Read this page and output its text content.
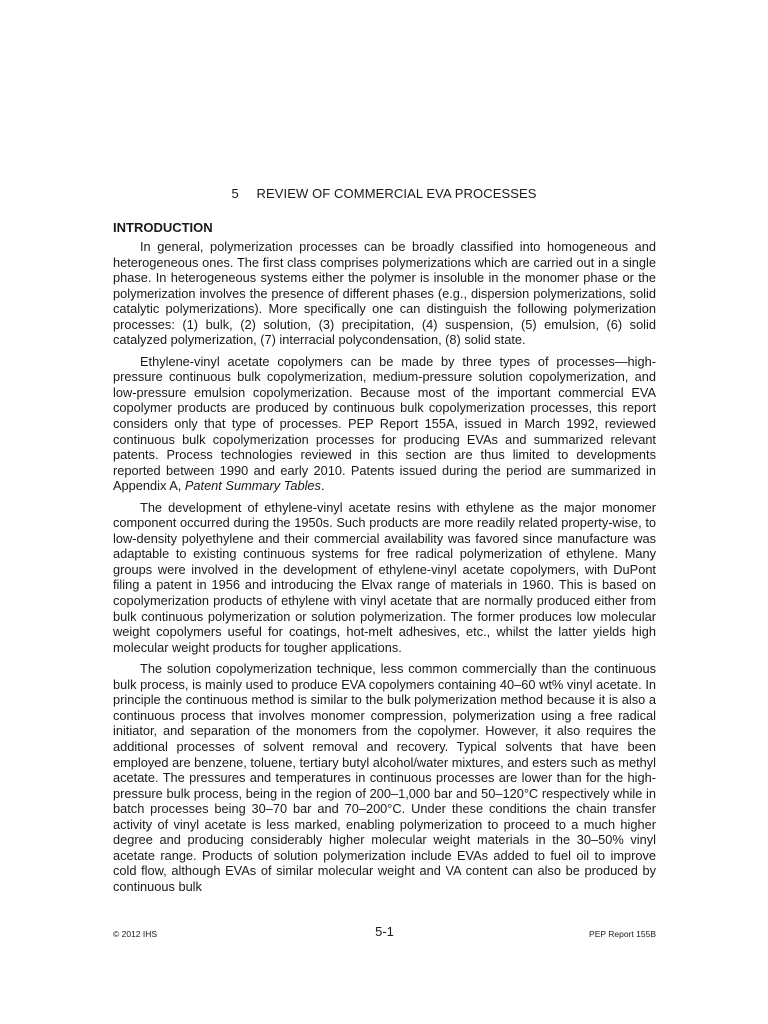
5 REVIEW OF COMMERCIAL EVA PROCESSES
INTRODUCTION

In general, polymerization processes can be broadly classified into homogeneous and heterogeneous ones. The first class comprises polymerizations which are carried out in a single phase. In heterogeneous systems either the polymer is insoluble in the monomer phase or the polymerization involves the presence of different phases (e.g., dispersion polymerizations, solid catalytic polymerizations). More specifically one can distinguish the following polymerization processes: (1) bulk, (2) solution, (3) precipitation, (4) suspension, (5) emulsion, (6) solid catalyzed polymerization, (7) interracial polycondensation, (8) solid state.

Ethylene-vinyl acetate copolymers can be made by three types of processes—high-pressure continuous bulk copolymerization, medium-pressure solution copolymerization, and low-pressure emulsion copolymerization. Because most of the important commercial EVA copolymer products are produced by continuous bulk copolymerization processes, this report considers only that type of processes. PEP Report 155A, issued in March 1992, reviewed continuous bulk copolymerization processes for producing EVAs and summarized relevant patents. Process technologies reviewed in this section are thus limited to developments reported between 1990 and early 2010. Patents issued during the period are summarized in Appendix A, Patent Summary Tables.

The development of ethylene-vinyl acetate resins with ethylene as the major monomer component occurred during the 1950s. Such products are more readily related property-wise, to low-density polyethylene and their commercial availability was favored since manufacture was adaptable to existing continuous systems for free radical polymerization of ethylene. Many groups were involved in the development of ethylene-vinyl acetate copolymers, with DuPont filing a patent in 1956 and introducing the Elvax range of materials in 1960. This is based on copolymerization products of ethylene with vinyl acetate that are normally produced either from bulk continuous polymerization or solution polymerization. The former produces low molecular weight copolymers useful for coatings, hot-melt adhesives, etc., whilst the latter yields high molecular weight products for tougher applications.

The solution copolymerization technique, less common commercially than the continuous bulk process, is mainly used to produce EVA copolymers containing 40–60 wt% vinyl acetate. In principle the continuous method is similar to the bulk polymerization method because it is also a continuous process that involves monomer compression, polymerization using a free radical initiator, and separation of the monomers from the copolymer. However, it also requires the additional processes of solvent removal and recovery. Typical solvents that have been employed are benzene, toluene, tertiary butyl alcohol/water mixtures, and esters such as methyl acetate. The pressures and temperatures in continuous processes are lower than for the high-pressure bulk process, being in the region of 200–1,000 bar and 50–120°C respectively while in batch processes being 30–70 bar and 70–200°C. Under these conditions the chain transfer activity of vinyl acetate is less marked, enabling polymerization to proceed to a much higher degree and producing considerably higher molecular weight materials in the 30–50% vinyl acetate range. Products of solution polymerization include EVAs added to fuel oil to improve cold flow, although EVAs of similar molecular weight and VA content can also be produced by continuous bulk

© 2012 IHS	5-1	PEP Report 155B
